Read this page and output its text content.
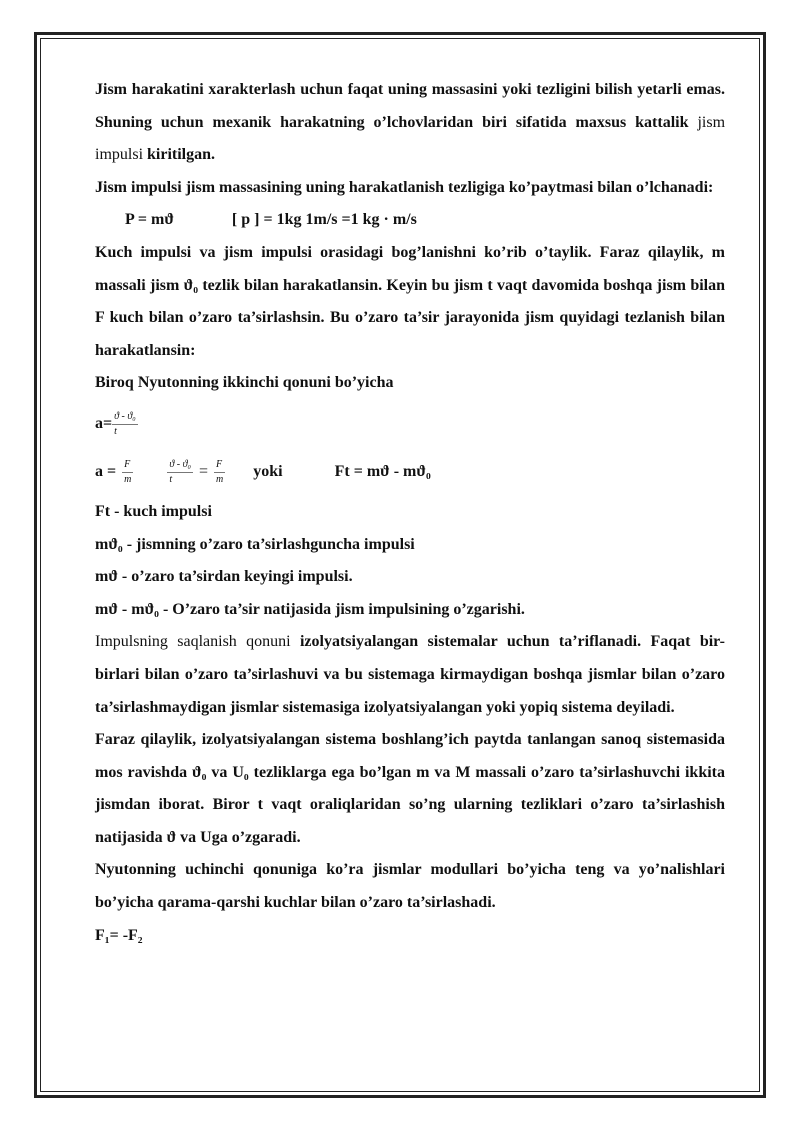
Jism harakatini xarakterlash uchun faqat uning massasini yoki tezligini bilish yetarli emas. Shuning uchun mexanik harakatning o’lchovlaridan biri sifatida maxsus kattalik jism impulsi kiritilgan.

Jism impulsi jism massasining uning harakatlanish tezligiga ko’paytmasi bilan o’lchanadi:

P = mϑ	[ p ] = 1kg 1m/s =1 kg · m/s

Kuch impulsi va jism impulsi orasidagi bog’lanishni ko’rib o’taylik. Faraz qilaylik, m massali jism ϑ₀ tezlik bilan harakatlansin. Keyin bu jism t vaqt davomida boshqa jism bilan F kuch bilan o’zaro ta’sirlashsin. Bu o’zaro ta’sir jarayonida jism quyidagi tezlanish bilan harakatlansin:

Biroq Nyutonning ikkinchi qonuni bo’yicha

$a= \frac{\text{ϑ - ϑ₀}}{t}$

$a = \frac{F}{m}$	$\frac{\text{ϑ - ϑ₀}}{t} = \frac{F}{m}$ yoki	Ft = mϑ - mϑ₀

Ft - kuch impulsi

mϑ₀ - jismning o’zaro ta’sirlashguncha impulsi

mϑ - o’zaro ta’sirdan keyingi impulsi.

mϑ - mϑ₀ - O’zaro ta’sir natijasida jism impulsining o’zgarishi.

Impulsning saqlanish qonuni izolyatsiyalangan sistemalar uchun ta’riflanadi. Faqat bir-birlari bilan o’zaro ta’sirlashuvi va bu sistemaga kirmaydigan boshqa jismlar bilan o’zaro ta’sirlashmaydigan jismlar sistemasiga izolyatsiyalangan yoki yopiq sistema deyiladi.

Faraz qilaylik, izolyatsiyalangan sistema boshlang’ich paytda tanlangan sanoq sistemasida mos ravishda ϑ₀ va U₀ tezliklarga ega bo’lgan m va M massali o’zaro ta’sirlashuvchi ikkita jismdan iborat. Biror t vaqt oraliqlaridan so’ng ularning tezliklari o’zaro ta’sirlashish natijasida ϑ va Uga o’zgaradi.

Nyutonning uchinchi qonuniga ko’ra jismlar modullari bo’yicha teng va yo’nalishlari bo’yicha qarama-qarshi kuchlar bilan o’zaro ta’sirlashadi.

F₁= -F₂
